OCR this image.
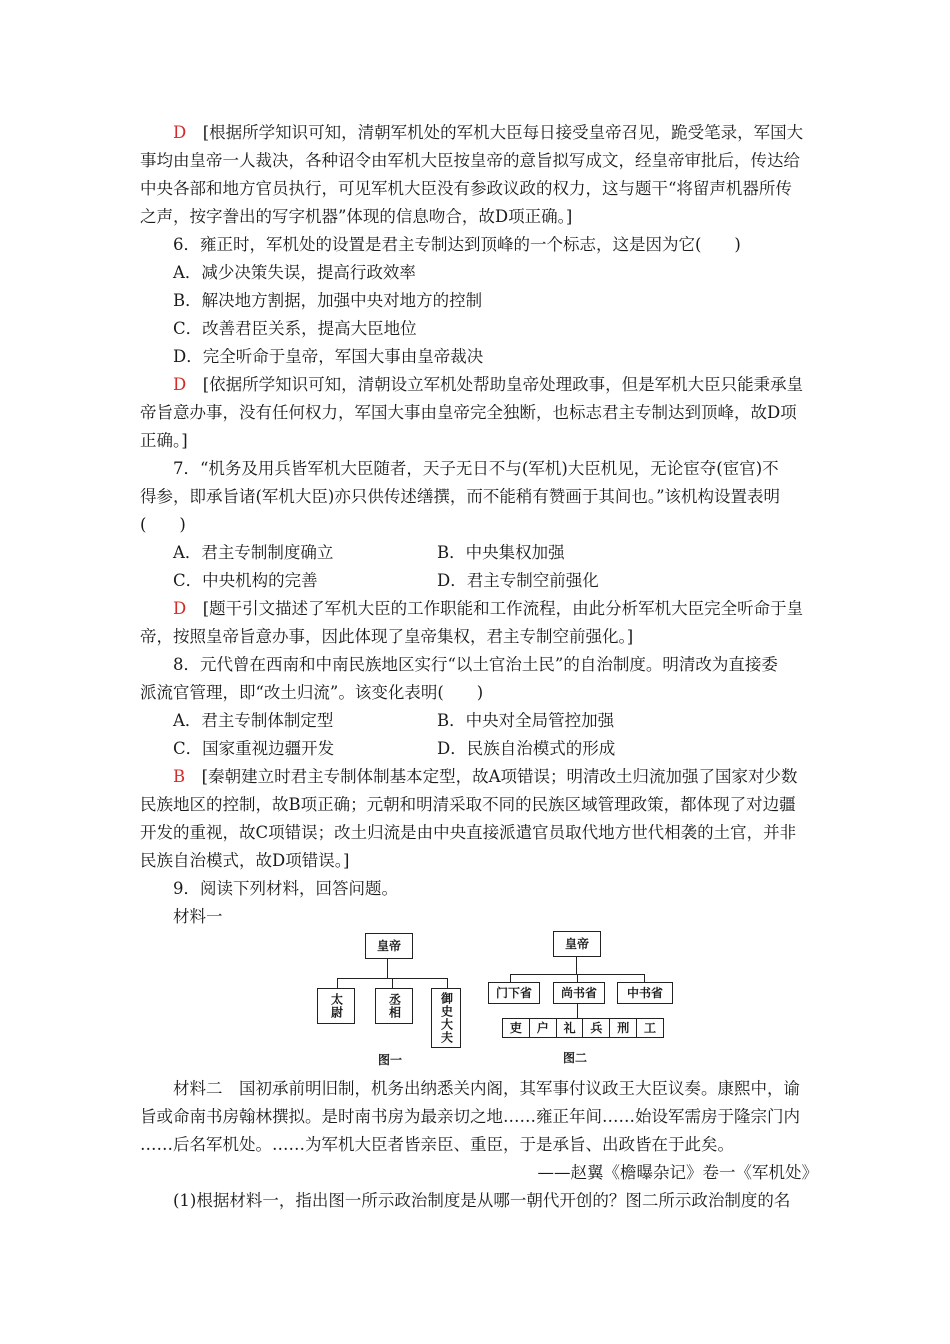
D  [根据所学知识可知，清朝军机处的军机大臣每日接受皇帝召见，跪受笔录，军国大
事均由皇帝一人裁决，各种诏令由军机大臣按皇帝的意旨拟写成文，经皇帝审批后，传达给
中央各部和地方官员执行，可见军机大臣没有参政议政的权力，这与题干“将留声机器所传
之声，按字誊出的写字机器”体现的信息吻合，故D项正确。]
6．雍正时，军机处的设置是君主专制达到顶峰的一个标志，这是因为它(　　)
A．减少决策失误，提高行政效率
B．解决地方割据，加强中央对地方的控制
C．改善君臣关系，提高大臣地位
D．完全听命于皇帝，军国大事由皇帝裁决
D  [依据所学知识可知，清朝设立军机处帮助皇帝处理政事，但是军机大臣只能秉承皇
帝旨意办事，没有任何权力，军国大事由皇帝完全独断，也标志君主专制达到顶峰，故D项
正确。]
7．“机务及用兵皆军机大臣随者，天子无日不与(军机)大臣机见，无论宦夺(宦官)不
得参，即承旨诸(军机大臣)亦只供传述缮撰，而不能稍有赞画于其间也。”该机构设置表明
(　　)
A．君主专制制度确立	B．中央集权加强
C．中央机构的完善	D．君主专制空前强化
D  [题干引文描述了军机大臣的工作职能和工作流程，由此分析军机大臣完全听命于皇
帝，按照皇帝旨意办事，因此体现了皇帝集权，君主专制空前强化。]
8．元代曾在西南和中南民族地区实行“以土官治土民”的自治制度。明清改为直接委
派流官管理，即“改土归流”。该变化表明(　　)
A．君主专制体制定型	B．中央对全局管控加强
C．国家重视边疆开发	D．民族自治模式的形成
B  [秦朝建立时君主专制体制基本定型，故A项错误；明清改土归流加强了国家对少数
民族地区的控制，故B项正确；元朝和明清采取不同的民族区域管理政策，都体现了对边疆
开发的重视，故C项错误；改土归流是由中央直接派遣官员取代地方世代相袭的土官，并非
民族自治模式，故D项错误。]
9．阅读下列材料，回答问题。
材料一
皇帝
太尉	丞相	御史大夫
图一
皇帝
门下省	尚书省	中书省
吏	户	礼	兵	刑	工
图二
材料二　国初承前明旧制，机务出纳悉关内阁，其军事付议政王大臣议奏。康熙中，谕
旨或命南书房翰林撰拟。是时南书房为最亲切之地……雍正年间……始设军需房于隆宗门内
……后名军机处。……为军机大臣者皆亲臣、重臣，于是承旨、出政皆在于此矣。
——赵翼《檐曝杂记》卷一《军机处》
(1)根据材料一，指出图一所示政治制度是从哪一朝代开创的？图二所示政治制度的名
